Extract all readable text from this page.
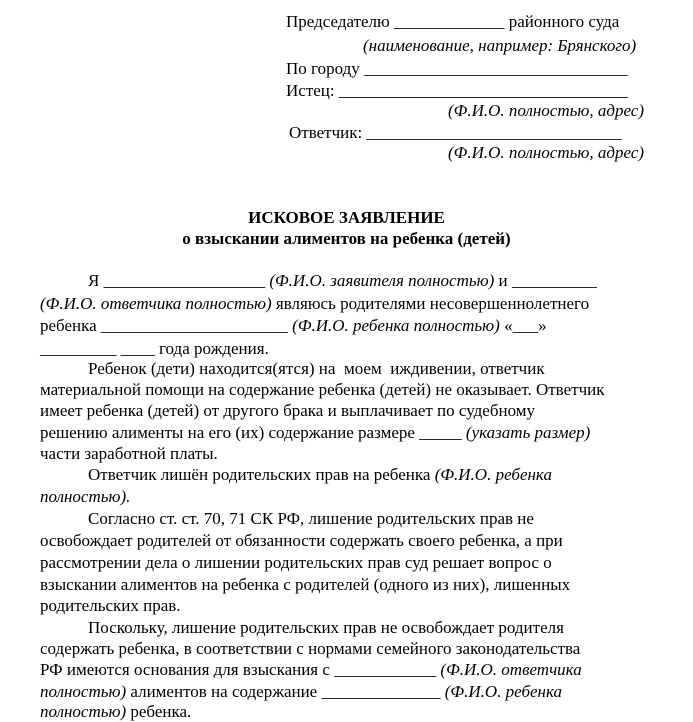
Председателю _____________ районного суда
(наименование, например: Брянского)
По городу _______________________________
Истец: __________________________________
(Ф.И.О. полностью, адрес)
Ответчик: ______________________________
(Ф.И.О. полностью, адрес)
ИСКОВОЕ ЗАЯВЛЕНИЕ
о взыскании алиментов на ребенка (детей)
Я ___________________ (Ф.И.О. заявителя полностью) и __________
(Ф.И.О. ответчика полностью) являюсь родителями несовершеннолетнего
ребенка ______________________ (Ф.И.О. ребенка полностью) «___»
_________ ____ года рождения.
Ребенок (дети) находится(ятся) на  моем  иждивении, ответчик
материальной помощи на содержание ребенка (детей) не оказывает. Ответчик
имеет ребенка (детей) от другого брака и выплачивает по судебному
решению алименты на его (их) содержание размере _____ (указать размер)
части заработной платы.
Ответчик лишён родительских прав на ребенка (Ф.И.О. ребенка
полностью).
Согласно ст. ст. 70, 71 СК РФ, лишение родительских прав не
освобождает родителей от обязанности содержать своего ребенка, а при
рассмотрении дела о лишении родительских прав суд решает вопрос о
взыскании алиментов на ребенка с родителей (одного из них), лишенных
родительских прав.
Поскольку, лишение родительских прав не освобождает родителя
содержать ребенка, в соответствии с нормами семейного законодательства
РФ имеются основания для взыскания с ____________ (Ф.И.О. ответчика
полностью) алиментов на содержание ______________ (Ф.И.О. ребенка
полностью) ребенка.
